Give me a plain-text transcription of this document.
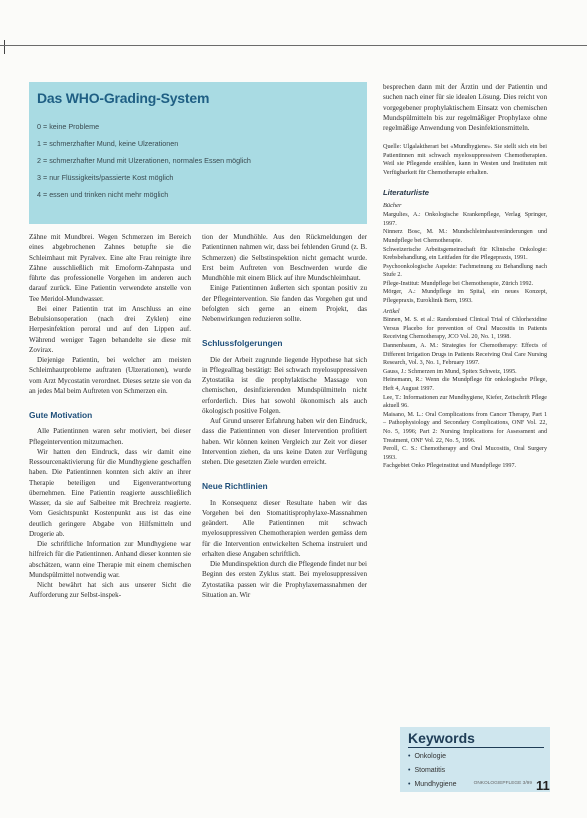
Das WHO-Grading-System
0 = keine Probleme
1 = schmerzhafter Mund, keine Ulzerationen
2 = schmerzhafter Mund mit Ulzerationen, normales Essen möglich
3 = nur Flüssigkeits/passierte Kost möglich
4 = essen und trinken nicht mehr möglich

Zähne mit Mundbrei. Wegen Schmerzen im Bereich eines abgebrochenen Zahnes betupfte sie die Schleimhaut mit Pyralvex. Eine alte Frau reinigte ihre Zähne ausschließlich mit Emoform-Zahnpasta und führte das professionelle Vorgehen im anderen auch darauf zurück. Eine Patientin verwendete anstelle von Tee Meridol-Mundwasser.

Bei einer Patientin trat im Anschluss an eine Bebulsionsoperation (nach drei Zyklen) eine Herpesinfektion peroral und auf den Lippen auf. Während weniger Tagen behandelte sie diese mit Zovirax.

Diejenige Patientin, bei welcher am meisten Schleimhautprobleme auftraten (Ulzerationen), wurde vom Arzt Mycostatin verordnet. Dieses setzte sie von da an jedes Mal beim Auftreten von Schmerzen ein.

Gute Motivation

Alle Patientinnen waren sehr motiviert, bei dieser Pflegeintervention mitzumachen.

Wir hatten den Eindruck, dass wir damit eine Ressourcenaktivierung für die Mundhygiene geschaffen haben. Die Patientinnen konnten sich aktiv an ihrer Therapie beteiligen und Eigenverantwortung übernehmen. Eine Patientin reagierte ausschließlich Wasser, da sie auf Salbeitee mit Brechreiz reagierte. Vom Gesichtspunkt Kostenpunkt aus ist das eine deutlich geringere Abgabe von Hilfsmitteln und Drogerie ab.

Die schriftliche Information zur Mundhygiene war hilfreich für die Patientinnen. Anhand dieser konnten sie abschätzen, wann eine Therapie mit einem chemischen Mundspülmittel notwendig war.

Nicht bewährt hat sich aus unserer Sicht die Aufforderung zur Selbst-inspek-

tion der Mundhöhle. Aus den Rückmeldungen der Patientinnen nahmen wir, dass bei fehlenden Grund (z. B. Schmerzen) die Selbstinspektion nicht gemacht wurde. Erst beim Auftreten von Beschwerden wurde die Mundhöhle mit einem Blick auf ihre Mundschleimhaut.

Einige Patientinnen äußerten sich spontan positiv zu der Pflegeintervention. Sie fanden das Vorgehen gut und befolgten sich gerne an einem Projekt, das Nebenwirkungen reduzieren sollte.

Schlussfolgerungen

Die der Arbeit zugrunde liegende Hypothese hat sich in Pflegealltag bestätigt: Bei schwach myelosuppressiven Zytostatika ist die prophylaktische Massage von chemischen, desinfizierenden Mundspülmitteln nicht erforderlich. Dies hat sowohl ökonomisch als auch ökologisch positive Folgen.

Auf Grund unserer Erfahrung haben wir den Eindruck, dass die Patientinnen von dieser Intervention profitiert haben. Wir können keinen Vergleich zur Zeit vor dieser Intervention ziehen, da uns keine Daten zur Verfügung stehen. Die gesetzten Ziele wurden erreicht.

Neue Richtlinien

In Konsequenz dieser Resultate haben wir das Vorgehen bei den Stomatitisprophylaxe-Massnahmen geändert. Alle Patientinnen mit schwach myelosuppressiven Chemotherapien werden gemäss dem für die Intervention entwickelten Schema instruiert und erhalten diese Angaben schriftlich.

Die Mundinspektion durch die Pflegende findet nur bei Beginn des ersten Zyklus statt. Bei myelosuppressiven Zytostatika passen wir die Prophylaxemassnahmen der Situation an. Wir

besprechen dann mit der Ärztin und der Patientin und suchen nach einer für sie idealen Lösung. Dies reicht von vorgegebener prophylaktischem Einsatz von chemischen Mundspülmitteln bis zur regelmäßiger Prophylaxe ohne regelmäßige Anwendung von Desinfektionsmitteln.

Quelle: Ulgalaktherari bei «Mundhygiene». Sie stellt sich ein bei Patientinnen mit schwach myelosuppressiven Chemotherapien. Weil sie Pflegende erzählen, kann in Westen und Instituten mit Verfügbarkeit für Chemotherapie erhalten.

Literaturliste

Bücher

Margulies, A.: Onkologische Krankenpflege, Verlag Springer, 1997.

Ninnerz Bosc, M. M.: Mundschleimhautveränderungen und Mundpflege bei Chemotherapie.

Schweizerische Arbeitsgemeinschaft für Klinische Onkologie: Krebsbehandlung, ein Leitfaden für die Pflegepraxis, 1991.

Psychoonkologische Aspekte: Fachmeinung zu Behandlung nach Stufe 2.

Pflege-Institut: Mundpflege bei Chemotherapie, Zürich 1992.

Mörger, A.: Mundpflege im Spital, ein neues Konzept, Pflegepraxis, Euroklinik Bern, 1993.

Artikel

Binnen, M. S. et al.: Randomised Clinical Trial of Chlorhexidine Versus Placebo for prevention of Oral Mucositis in Patients Receiving Chemotherapy, JCO Vol. 20, No. 1, 1998.

Dannenbaum, A. M.: Strategies for Chemotherapy: Effects of Different Irrigation Drugs in Patients Receiving Oral Care Nursing Research, Vol. 3, No. 1, February 1997.

Gauss, J.: Schmerzen im Mund, Spitex Schweiz, 1995.

Heinemann, R.: Wenn die Mundpflege für onkologische Pflege, Heft 4, August 1997.

Lee, T.: Informationen zur Mundhygiene, Kiefer, Zeitschrift Pflege aktuell 96.

Maisano, M. L.: Oral Complications from Cancer Therapy, Part 1 – Pathophysiology and Secondary Complications, ONF Vol. 22, No. 5, 1996; Part 2: Nursing Implications for Assessment and Treatment, ONF Vol. 22, No. 5, 1996.

Peroll, C. S.: Chemotherapy and Oral Mucositis, Oral Surgery 1993.

Fachgebiet Onko Pflegeinstitut und Mundpflege 1997.

Keywords
• Onkologie
• Stomatitis
• Mundhygiene	ONKOLOGIEPFLEGE 3/99 11
